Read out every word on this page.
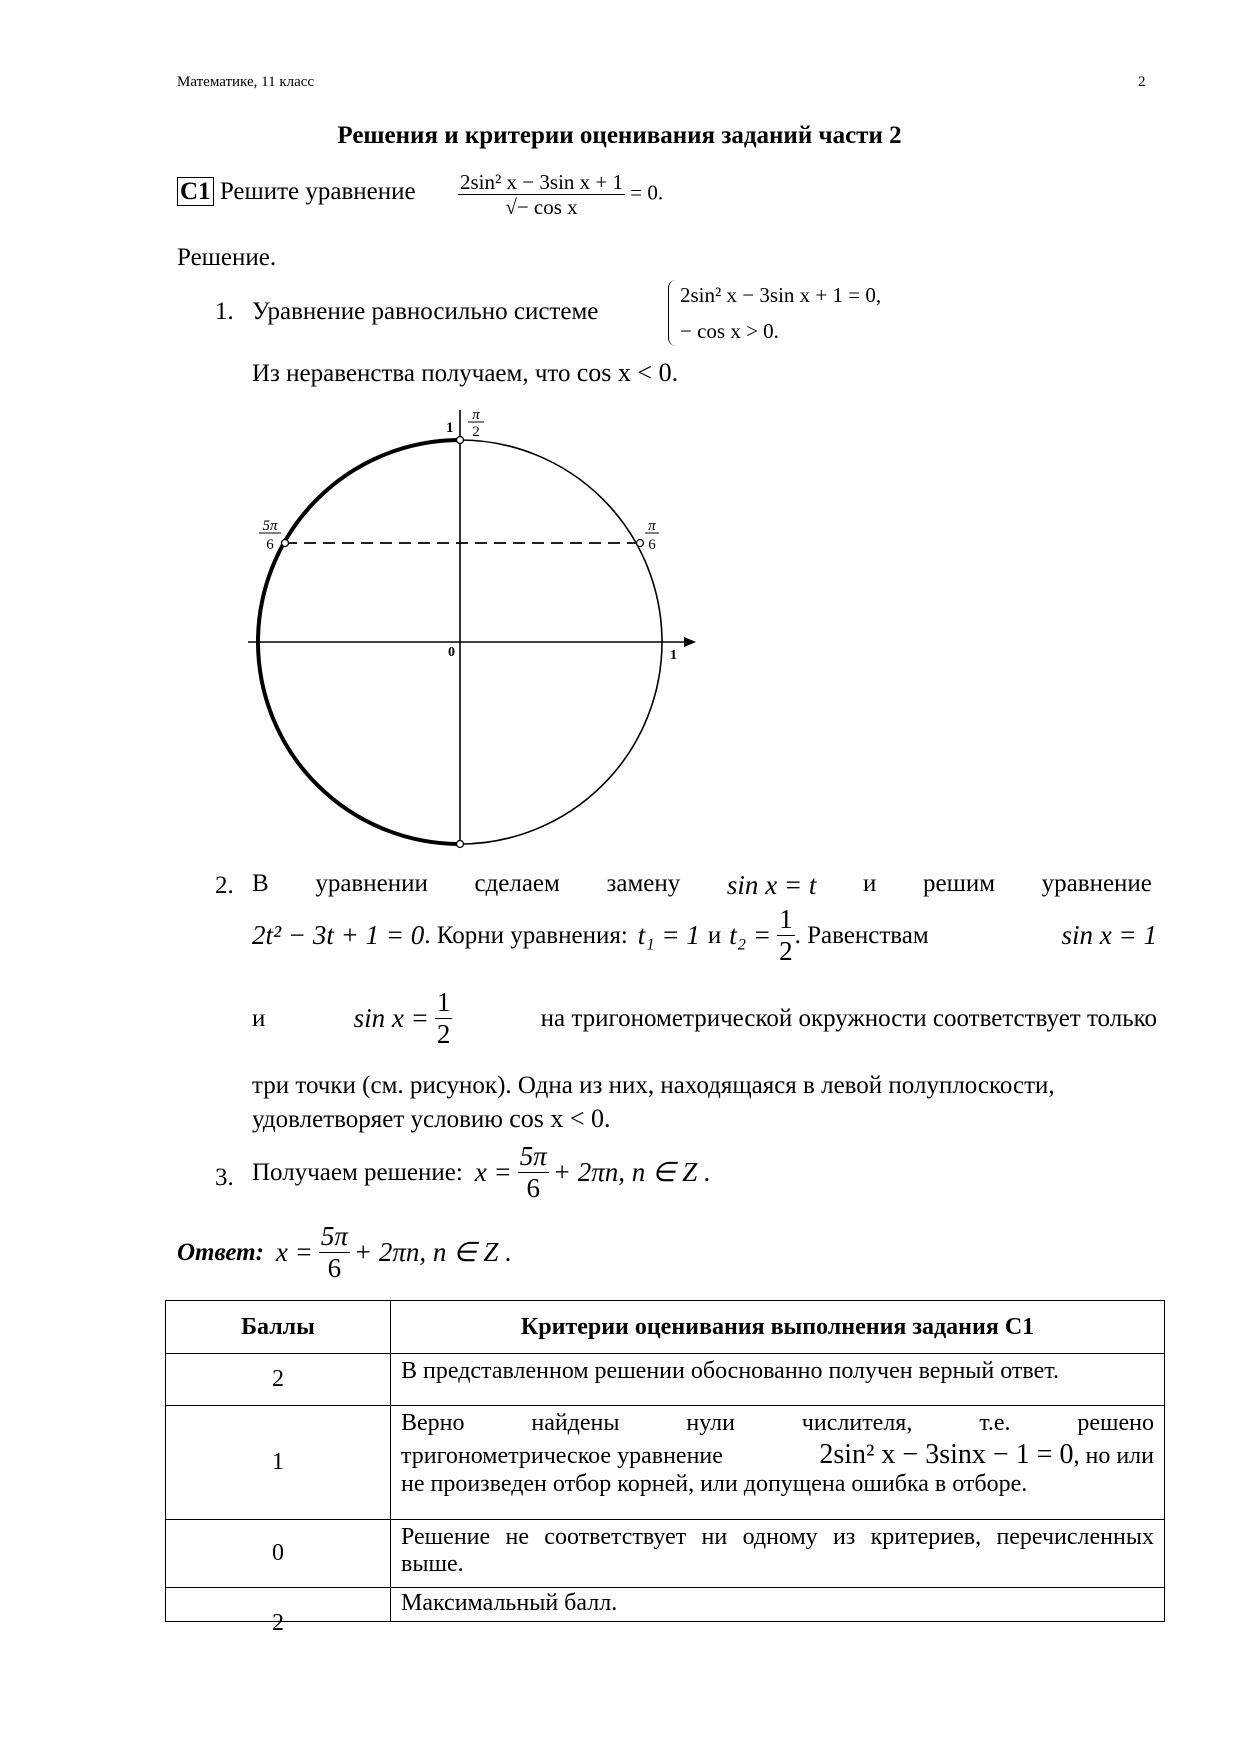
Математике, 11 класс	2
Решения и критерии оценивания заданий части 2
С1 Решите уравнение $\frac{\text{2sin² x − 3sin x + 1}}{\text{√− cos x}} = 0$.
Решение.
1. Уравнение равносильно системе
2sin² x − 3sin x + 1 = 0,
− cos x > 0.
Из неравенства получаем, что cos x < 0.
1
π
2
5π
6
π
6
0	1
2. В уравнении сделаем замену sin x = t и решим уравнение
2t² − 3t + 1 = 0 . Корни уравнения: t₁ = 1 и $t_2 = \frac{1}{2}$ . Равенствам	sin x = 1
и	$\sin x = \frac{1}{2}$	на тригонометрической окружности соответствует только
три точки (см. рисунок). Одна из них, находящаяся в левой полуплоскости,
удовлетворяет условию cos x < 0.
3. Получаем решение: $x = \frac{5\pi}{6} + 2\pi n$, n ∈ Z .
Ответ: $x = \frac{5\pi}{6} + 2\pi n$, n ∈ Z .
Баллы	Критерии оценивания выполнения задания С1
2	В представленном решении обоснованно получен верный ответ.
1	Верно найдены нули числителя, т.е. решено
тригонометрическое уравнение 2sin² x − 3sinx − 1 = 0, но или
не произведен отбор корней, или допущена ошибка в отборе.

0	Решение не соответствует ни одному из критериев, перечисленных выше.

2	Максимальный балл.
